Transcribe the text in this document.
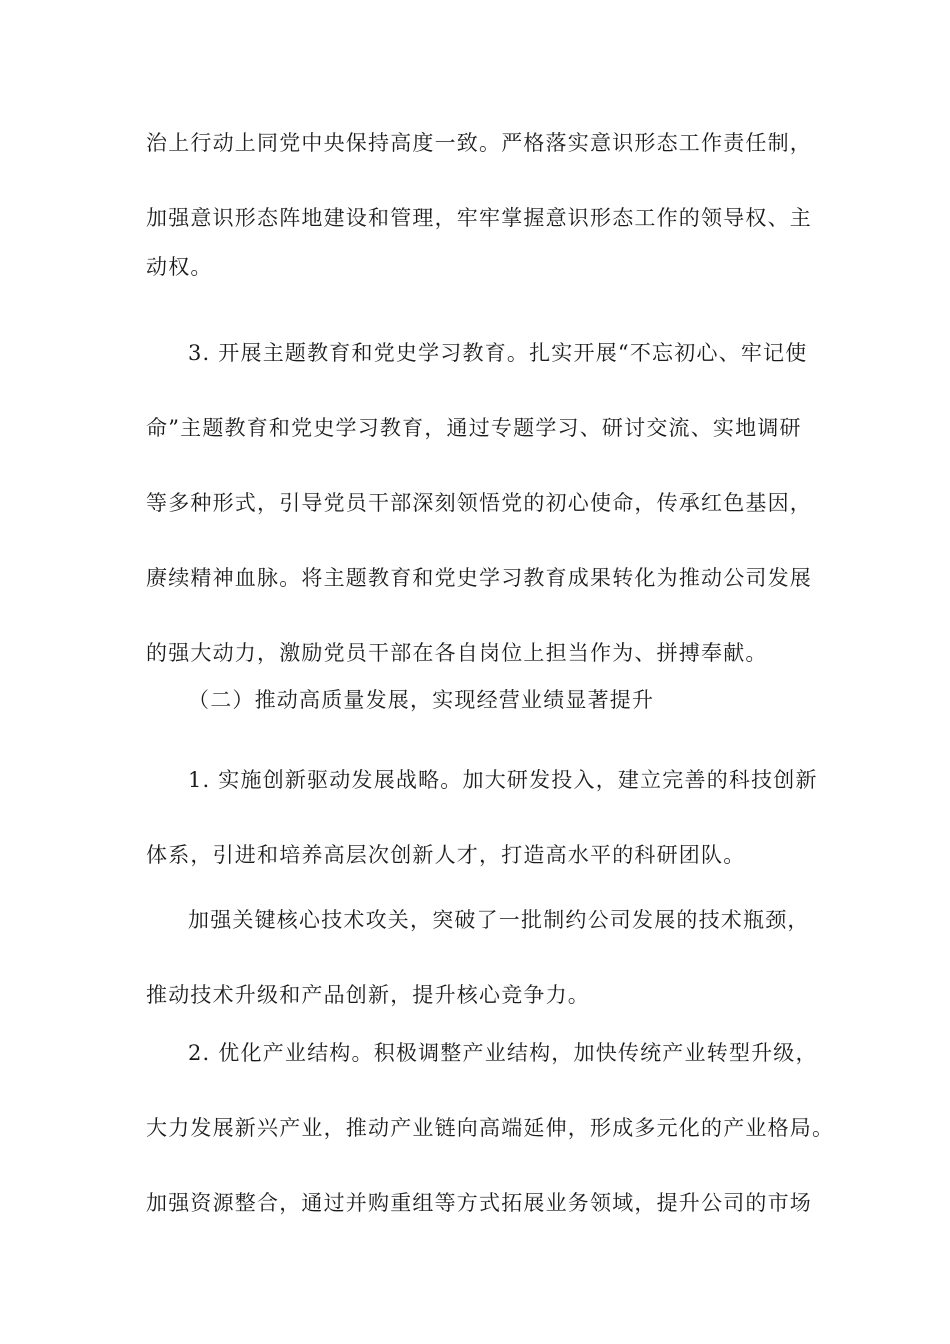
治上行动上同党中央保持高度一致。严格落实意识形态工作责任制，
加强意识形态阵地建设和管理，牢牢掌握意识形态工作的领导权、主
动权。
3. 开展主题教育和党史学习教育。扎实开展“不忘初心、牢记使
命”主题教育和党史学习教育，通过专题学习、研讨交流、实地调研
等多种形式，引导党员干部深刻领悟党的初心使命，传承红色基因，
赓续精神血脉。将主题教育和党史学习教育成果转化为推动公司发展
的强大动力，激励党员干部在各自岗位上担当作为、拼搏奉献。
（二）推动高质量发展，实现经营业绩显著提升
1. 实施创新驱动发展战略。加大研发投入，建立完善的科技创新
体系，引进和培养高层次创新人才，打造高水平的科研团队。
加强关键核心技术攻关，突破了一批制约公司发展的技术瓶颈，
推动技术升级和产品创新，提升核心竞争力。
2. 优化产业结构。积极调整产业结构，加快传统产业转型升级，
大力发展新兴产业，推动产业链向高端延伸，形成多元化的产业格局。
加强资源整合，通过并购重组等方式拓展业务领域，提升公司的市场
